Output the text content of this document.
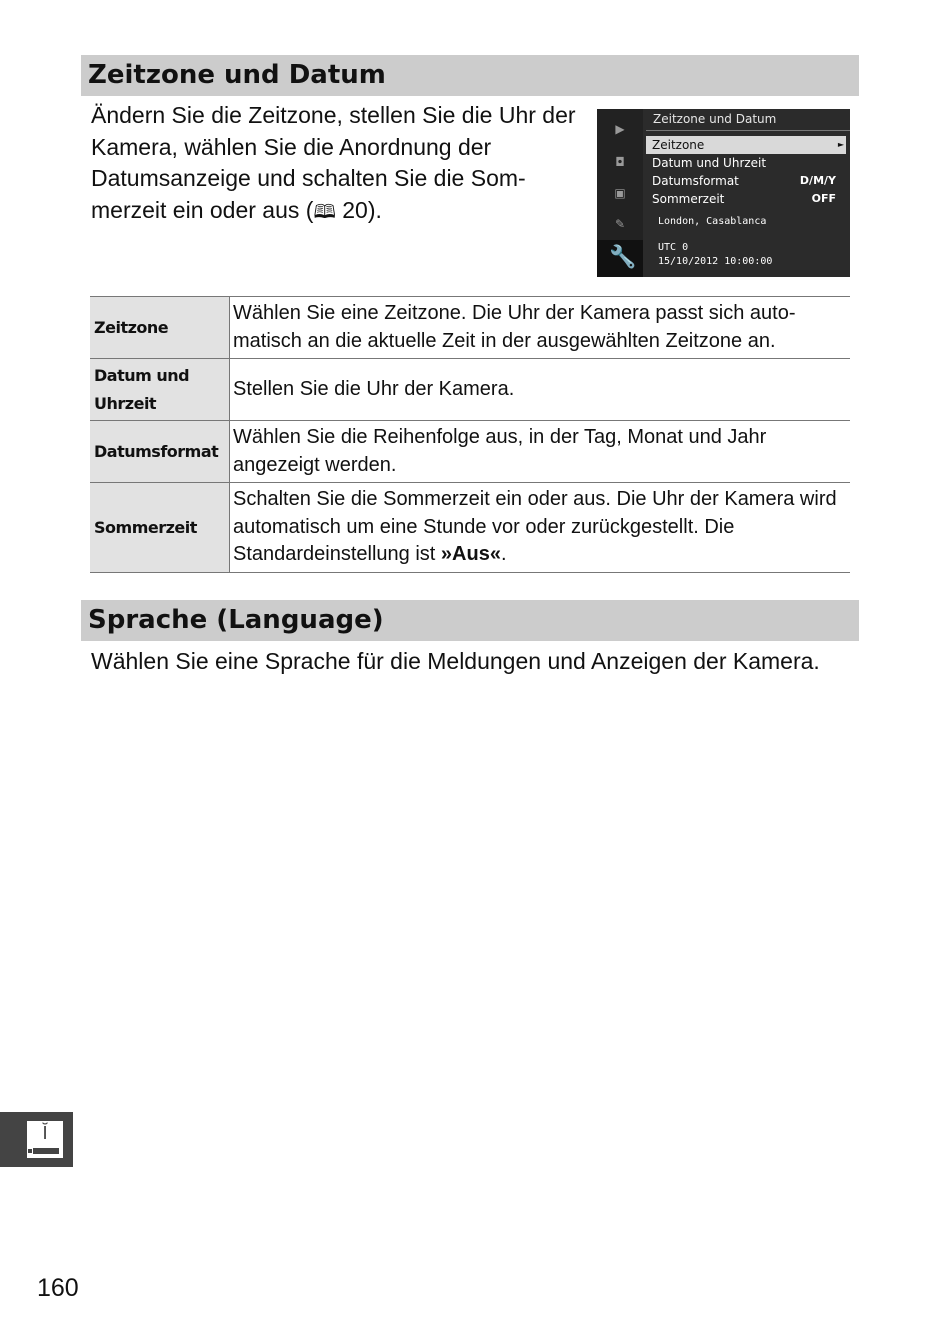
Zeitzone und Datum
Ändern Sie die Zeitzone, stellen Sie die Uhr der Kamera, wählen Sie die Anordnung der Datumsanzeige und schalten Sie die Som-merzeit ein oder aus (🕮 20).
▶
◘
▣
✎
🔧
Zeitzone und Datum
Zeitzone	►
Datum und Uhrzeit
Datumsformat	D/M/Y
Sommerzeit	OFF
London, Casablanca
UTC 0
15/10/2012 10:00:00
Zeitzone	Wählen Sie eine Zeitzone. Die Uhr der Kamera passt sich auto-matisch an die aktuelle Zeit in der ausgewählten Zeitzone an.
Datum und Uhrzeit	Stellen Sie die Uhr der Kamera.
Datumsformat	Wählen Sie die Reihenfolge aus, in der Tag, Monat und Jahr angezeigt werden.
Sommerzeit	Schalten Sie die Sommerzeit ein oder aus. Die Uhr der Kamera wird automatisch um eine Stunde vor oder zurückgestellt. Die Standardeinstellung ist »Aus«.
Sprache (Language)
Wählen Sie eine Sprache für die Meldungen und Anzeigen der Kamera.
Ĭ
160
